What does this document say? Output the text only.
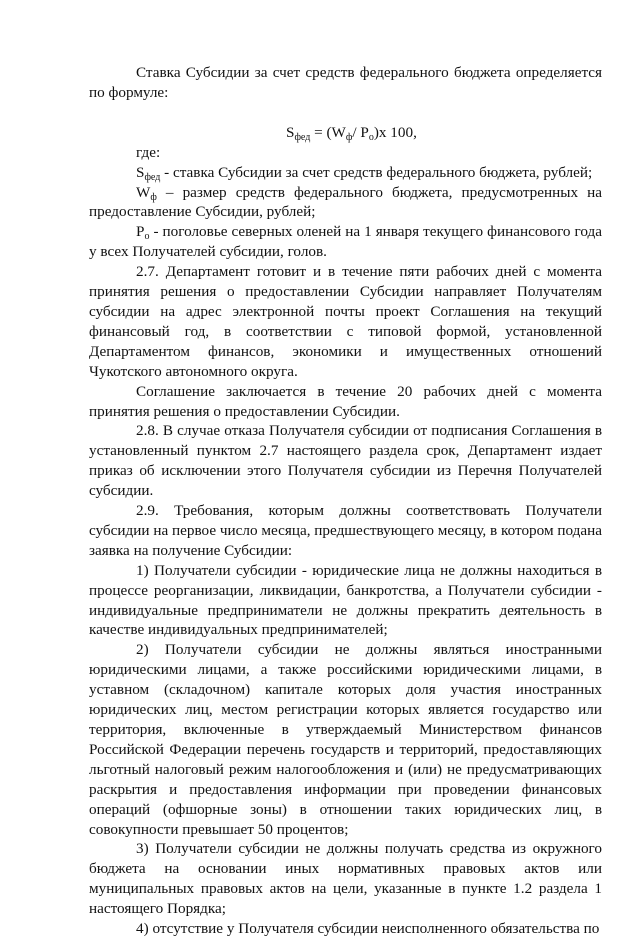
Ставка Субсидии за счет средств федерального бюджета определяется по формуле:

$S_{фед} = (W_ф/$ $P_о)х$ 100,

где:

$S_{фед}$ - ставка Субсидии за счет средств федерального бюджета, рублей;

$W_ф$ – размер средств федерального бюджета, предусмотренных на предоставление Субсидии, рублей;

$P_о$ - поголовье северных оленей на 1 января текущего финансового года у всех Получателей субсидии, голов.

2.7. Департамент готовит и в течение пяти рабочих дней с момента принятия решения о предоставлении Субсидии направляет Получателям субсидии на адрес электронной почты проект Соглашения на текущий финансовый год, в соответствии с типовой формой, установленной Департаментом финансов, экономики и имущественных отношений Чукотского автономного округа.

Соглашение заключается в течение 20 рабочих дней с момента принятия решения о предоставлении Субсидии.

2.8. В случае отказа Получателя субсидии от подписания Соглашения в установленный пунктом 2.7 настоящего раздела срок, Департамент издает приказ об исключении этого Получателя субсидии из Перечня Получателей субсидии.

2.9. Требования, которым должны соответствовать Получатели субсидии на первое число месяца, предшествующего месяцу, в котором подана заявка на получение Субсидии:

1) Получатели субсидии - юридические лица не должны находиться в процессе реорганизации, ликвидации, банкротства, а Получатели субсидии - индивидуальные предприниматели не должны прекратить деятельность в качестве индивидуальных предпринимателей;

2) Получатели субсидии не должны являться иностранными юридическими лицами, а также российскими юридическими лицами, в уставном (складочном) капитале которых доля участия иностранных юридических лиц, местом регистрации которых является государство или территория, включенные в утверждаемый Министерством финансов Российской Федерации перечень государств и территорий, предоставляющих льготный налоговый режим налогообложения и (или) не предусматривающих раскрытия и предоставления информации при проведении финансовых операций (офшорные зоны) в отношении таких юридических лиц, в совокупности превышает 50 процентов;

3) Получатели субсидии не должны получать средства из окружного бюджета на основании иных нормативных правовых актов или муниципальных правовых актов на цели, указанные в пункте 1.2 раздела 1 настоящего Порядка;

4) отсутствие у Получателя субсидии неисполненного обязательства по
